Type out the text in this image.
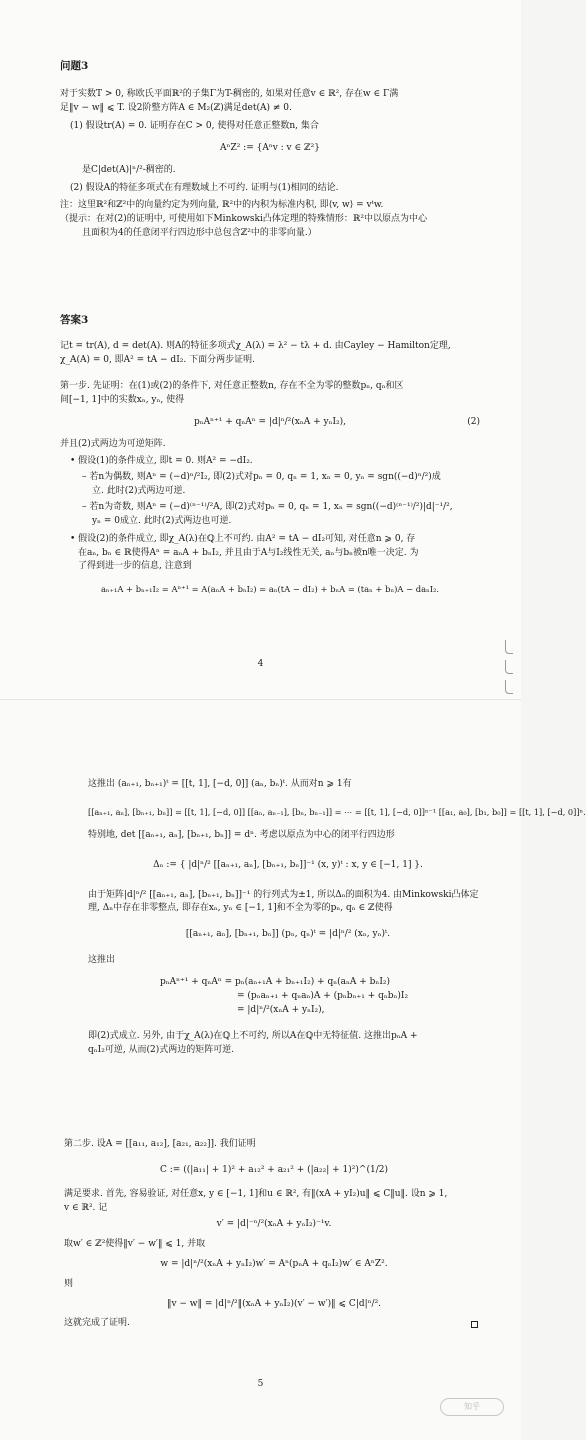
问题3
对于实数T > 0, 称欧氏平面ℝ²的子集Γ为T-稠密的, 如果对任意v ∈ ℝ², 存在w ∈ Γ满
足‖v − w‖ ⩽ T. 设2阶整方阵A ∈ M₂(ℤ)满足det(A) ≠ 0.
(1) 假设tr(A) = 0. 证明存在C > 0, 使得对任意正整数n, 集合
AⁿZ² := {Aⁿv : v ∈ ℤ²}
是C|det(A)|ⁿ/²-稠密的.
(2) 假设A的特征多项式在有理数域上不可约. 证明与(1)相同的结论.
注：这里ℝ²和ℤ²中的向量约定为列向量, ℝ²中的内积为标准内积, 即⟨v, w⟩ = vᵗw.
（提示：在对(2)的证明中, 可使用如下Minkowski凸体定理的特殊情形：ℝ²中以原点为中心
且面积为4的任意闭平行四边形中总包含ℤ²中的非零向量.）
答案3
记t = tr(A), d = det(A). 则A的特征多项式χ_A(λ) = λ² − tλ + d. 由Cayley − Hamilton定理,
χ_A(A) = 0, 即A² = tA − dI₂. 下面分两步证明.
第一步. 先证明：在(1)或(2)的条件下, 对任意正整数n, 存在不全为零的整数pₙ, qₙ和区
间[−1, 1]中的实数xₙ, yₙ, 使得
pₙAⁿ⁺¹ + qₙAⁿ = |d|ⁿ/²(xₙA + yₙI₂),	(2)
并且(2)式两边为可逆矩阵.
• 假设(1)的条件成立, 即t = 0. 则A² = −dI₂.
– 若n为偶数, 则Aⁿ = (−d)ⁿ/²I₂, 即(2)式对pₙ = 0, qₙ = 1, xₙ = 0, yₙ = sgn((−d)ⁿ/²)成
立. 此时(2)式两边可逆.
– 若n为奇数, 则Aⁿ = (−d)⁽ⁿ⁻¹⁾/²A, 即(2)式对pₙ = 0, qₙ = 1, xₙ = sgn((−d)⁽ⁿ⁻¹⁾/²)|d|⁻¹/²,
yₙ = 0成立. 此时(2)式两边也可逆.
• 假设(2)的条件成立, 即χ_A(λ)在ℚ上不可约. 由A² = tA − dI₂可知, 对任意n ⩾ 0, 存
在aₙ, bₙ ∈ ℝ使得Aⁿ = aₙA + bₙI₂, 并且由于A与I₂线性无关, aₙ与bₙ被n唯一决定. 为
了得到进一步的信息, 注意到
aₙ₊₁A + bₙ₊₁I₂ = Aⁿ⁺¹ = A(aₙA + bₙI₂) = aₙ(tA − dI₂) + bₙA = (taₙ + bₙ)A − daₙI₂.
4
这推出 (aₙ₊₁, bₙ₊₁)ᵗ = [[t, 1], [−d, 0]] (aₙ, bₙ)ᵗ. 从而对n ⩾ 1有
[[aₙ₊₁, aₙ], [bₙ₊₁, bₙ]] = [[t, 1], [−d, 0]] [[aₙ, aₙ₋₁], [bₙ, bₙ₋₁]] = ⋯ = [[t, 1], [−d, 0]]ⁿ⁻¹ [[a₁, a₀], [b₁, b₀]] = [[t, 1], [−d, 0]]ⁿ.
特别地, det [[aₙ₊₁, aₙ], [bₙ₊₁, bₙ]] = dⁿ. 考虑以原点为中心的闭平行四边形
Δₙ := { |d|ⁿ/² [[aₙ₊₁, aₙ], [bₙ₊₁, bₙ]]⁻¹ (x, y)ᵗ : x, y ∈ [−1, 1] }.
由于矩阵|d|ⁿ/² [[aₙ₊₁, aₙ], [bₙ₊₁, bₙ]]⁻¹ 的行列式为±1, 所以Δₙ的面积为4. 由Minkowski凸体定
理, Δₙ中存在非零整点, 即存在xₙ, yₙ ∈ [−1, 1]和不全为零的pₙ, qₙ ∈ ℤ使得
[[aₙ₊₁, aₙ], [bₙ₊₁, bₙ]] (pₙ, qₙ)ᵗ = |d|ⁿ/² (xₙ, yₙ)ᵗ.
这推出
pₙAⁿ⁺¹ + qₙAⁿ = pₙ(aₙ₊₁A + bₙ₊₁I₂) + qₙ(aₙA + bₙI₂)
= (pₙaₙ₊₁ + qₙaₙ)A + (pₙbₙ₊₁ + qₙbₙ)I₂
= |d|ⁿ/²(xₙA + yₙI₂),
即(2)式成立. 另外, 由于χ_A(λ)在ℚ上不可约, 所以A在ℚ中无特征值. 这推出pₙA +
qₙI₂可逆, 从而(2)式两边的矩阵可逆.
第二步. 设A = [[a₁₁, a₁₂], [a₂₁, a₂₂]]. 我们证明
C := ((|a₁₁| + 1)² + a₁₂² + a₂₁² + (|a₂₂| + 1)²)^(1/2)
满足要求. 首先, 容易验证, 对任意x, y ∈ [−1, 1]和u ∈ ℝ², 有‖(xA + yI₂)u‖ ⩽ C‖u‖. 设n ⩾ 1,
v ∈ ℝ². 记
v′ = |d|⁻ⁿ/²(xₙA + yₙI₂)⁻¹v.
取w′ ∈ ℤ²使得‖v′ − w′‖ ⩽ 1, 并取
w = |d|ⁿ/²(xₙA + yₙI₂)w′ = Aⁿ(pₙA + qₙI₂)w′ ∈ AⁿZ².
则
‖v − w‖ = |d|ⁿ/²‖(xₙA + yₙI₂)(v′ − w′)‖ ⩽ C|d|ⁿ/².
这就完成了证明.
5
知乎
